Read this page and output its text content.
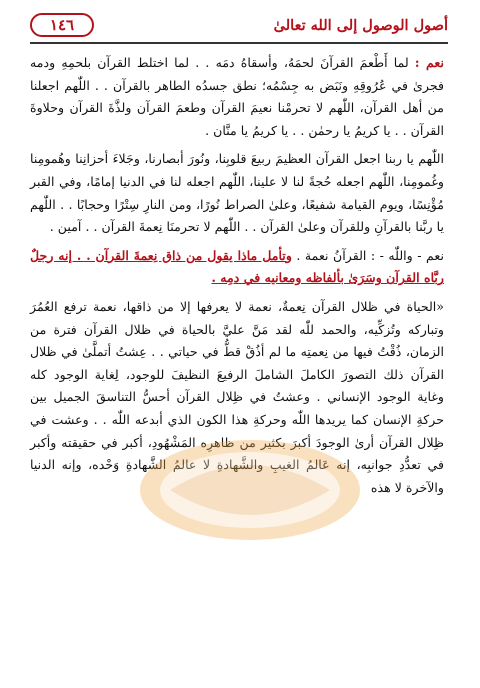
أصول الوصول إلى الله تعالىٰ
١٤٦

نعم : لما أَطْعمَ القرآنَ لحمَهُ، وأسقاهُ دمَه . . لما اختلط القرآن بلحمِهِ ودمه فجرىٰ في عُرُوقِهِ ونَبَض به جِسْمُه؛ نطق جسدُه الطاهر بالقرآن . . اللّٰهم اجعلنا من أهل القرآن، اللّٰهم لا تحرمْنا نعيمَ القرآن وطعمَ القرآن ولذَّةَ القرآن وحلاوةَ القرآن . . يا كريمُ يا رحمٰن . . يا كريمُ يا منَّان .

اللّٰهم يا ربنا اجعل القرآن العظيمَ ربيعَ قلوبِنا، ونُورَ أبصارنا، وجَلاءَ أحزانِنا وهُمومِنا وغُمومِنا، اللّٰهم اجعله حُجةً لنا لا علينا، اللّٰهم اجعله لنا في الدنيا إمامًا، وفي القبر مُؤْنِسًا، ويوم القيامة شفيعًا، وعلىٰ الصراط نُورًا، ومن النارِ سِتْرًا وحجابًا . . اللّٰهم يا ربَّنا بالقرآنِ وللقرآن وعلىٰ القرآن . . اللّٰهم لا تحرمنَا نِعمةَ القرآن . . آمين .

نعم - واللّٰه - : القرآنُ نعمة . وتأمل ماذا يقول من ذاق نِعمةَ القرآن . . إنه رجلٌ ربَّاه القرآن وسَرَىٰ بألفاظه ومعانيه في دمِه .

«الحياة في ظلال القرآن نِعمةٌ، نعمة لا يعرفها إلا من ذاقها، نعمة ترفع العُمُرَ وتباركه وتُزكِّيه، والحمد للّٰه لقد مَنَّ عليَّ بالحياة في ظلال القرآن فترة من الزمان، ذُقْتُ فيها من نِعمتِه ما لم أذُقْ قطُّ في حياتي . . عِشتُ أتملَّىٰ في ظلال القرآن ذلك التصورَ الكاملَ الشاملَ الرفيعَ النظيفَ للوجود، لِغاية الوجود كله وغاية الوجود الإنساني . وعشتُ في ظِلال القرآن أحسُّ التناسقَ الجميل بين حركةِ الإنسان كما يريدها اللّٰه وحركةِ هذا الكون الذي أبدعه اللّٰه . . وعشت في ظِلال القرآن أرىٰ الوجودَ أكبرَ بكثير من ظاهرِه المَشْهُودِ، أكبر في حقيقته وأكبر في تعدُّدِ جوانبِه، إنه عَالمُ الغيبِ والشَّهادةِ لا عالمُ الشَّهادةِ وَحْده، وإنه الدنيا والآخرة لا هذه
